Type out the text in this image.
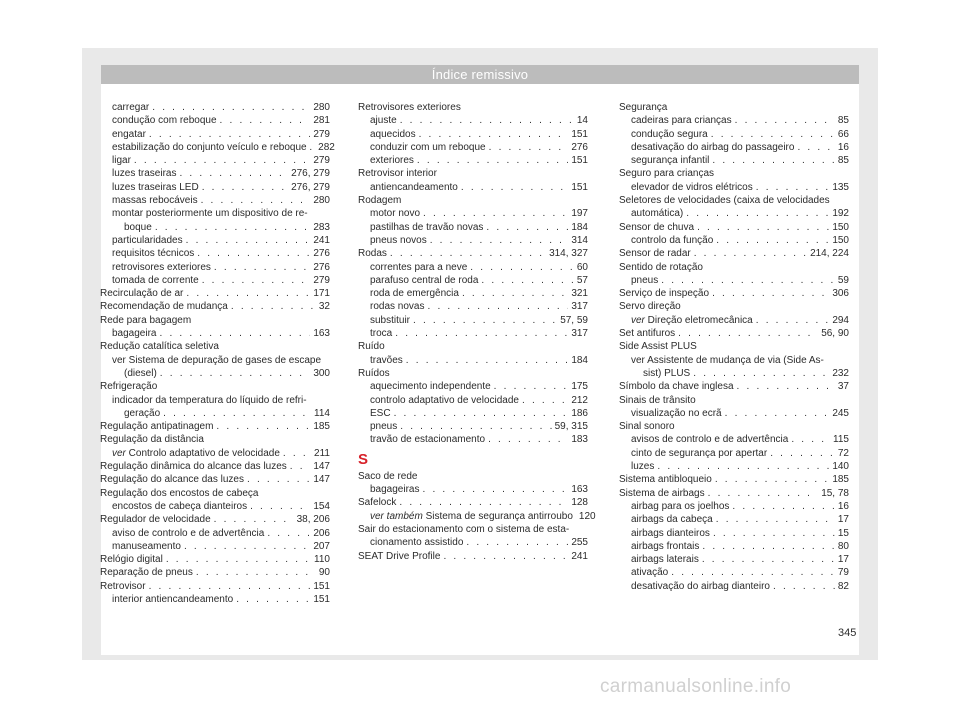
Índice remissivo
carregar . . .	280
condução com reboque . . .	281
engatar . . .	279
estabilização do conjunto veículo e reboque . 282
ligar . . .	279
luzes traseiras . . .	276, 279
luzes traseiras LED . . .	276, 279
massas rebocáveis . . .	280
montar posteriormente um dispositivo de re-
boque . . .	283
particularidades . . .	241
requisitos técnicos . . .	276
retrovisores exteriores . . .	276
tomada de corrente . . .	279
Recirculação de ar . . .	171
Recomendação de mudança . . .	32
Rede para bagagem
bagageira . . .	163
Redução catalítica seletiva
ver Sistema de depuração de gases de escape
(diesel) . . .	300
Refrigeração
indicador da temperatura do líquido de refri-
geração . . .	114
Regulação antipatinagem . . .	185
Regulação da distância
ver Controlo adaptativo de velocidade . . .	211
Regulação dinâmica do alcance das luzes . . .	147
Regulação do alcance das luzes . . .	147
Regulação dos encostos de cabeça
encostos de cabeça dianteiros . . .	154
Regulador de velocidade . . .	38, 206
aviso de controlo e de advertência . . .	206
manuseamento . . .	207
Relógio digital . . .	110
Reparação de pneus . . .	90
Retrovisor . . .	151
interior antiencandeamento . . .	151
Retrovisores exteriores
ajuste . . .	14
aquecidos . . .	151
conduzir com um reboque . . .	276
exteriores . . .	151
Retrovisor interior
antiencandeamento . . .	151
Rodagem
motor novo . . .	197
pastilhas de travão novas . . .	184
pneus novos . . .	314
Rodas . . .	314, 327
correntes para a neve . . .	60
parafuso central de roda . . .	57
roda de emergência . . .	321
rodas novas . . .	317
substituir . . .	57, 59
troca . . .	317
Ruído
travões . . .	184
Ruídos
aquecimento independente . . .	175
controlo adaptativo de velocidade . . .	212
ESC . . .	186
pneus . . .	59, 315
travão de estacionamento . . .	183
S
Saco de rede
bagageiras . . .	163
Safelock . . .	128
ver também Sistema de segurança antirroubo 120
Sair do estacionamento com o sistema de esta-
cionamento assistido . . .	255
SEAT Drive Profile . . .	241
Segurança
cadeiras para crianças . . .	85
condução segura . . .	66
desativação do airbag do passageiro . . .	16
segurança infantil . . .	85
Seguro para crianças
elevador de vidros elétricos . . .	135
Seletores de velocidades (caixa de velocidades
automática) . . .	192
Sensor de chuva . . .	150
controlo da função . . .	150
Sensor de radar . . .	214, 224
Sentido de rotação
pneus . . .	59
Serviço de inspeção . . .	306
Servo direção
ver Direção eletromecânica . . .	294
Set antifuros . . .	56, 90
Side Assist PLUS
ver Assistente de mudança de via (Side As-
sist) PLUS . . .	232
Símbolo da chave inglesa . . .	37
Sinais de trânsito
visualização no ecrã . . .	245
Sinal sonoro
avisos de controlo e de advertência . . .	115
cinto de segurança por apertar . . .	72
luzes . . .	140
Sistema antibloqueio . . .	185
Sistema de airbags . . .	15, 78
airbag para os joelhos . . .	16
airbags da cabeça . . .	17
airbags dianteiros . . .	15
airbags frontais . . .	80
airbags laterais . . .	17
ativação . . .	79
desativação do airbag dianteiro . . .	82
345
carmanualsonline.info
